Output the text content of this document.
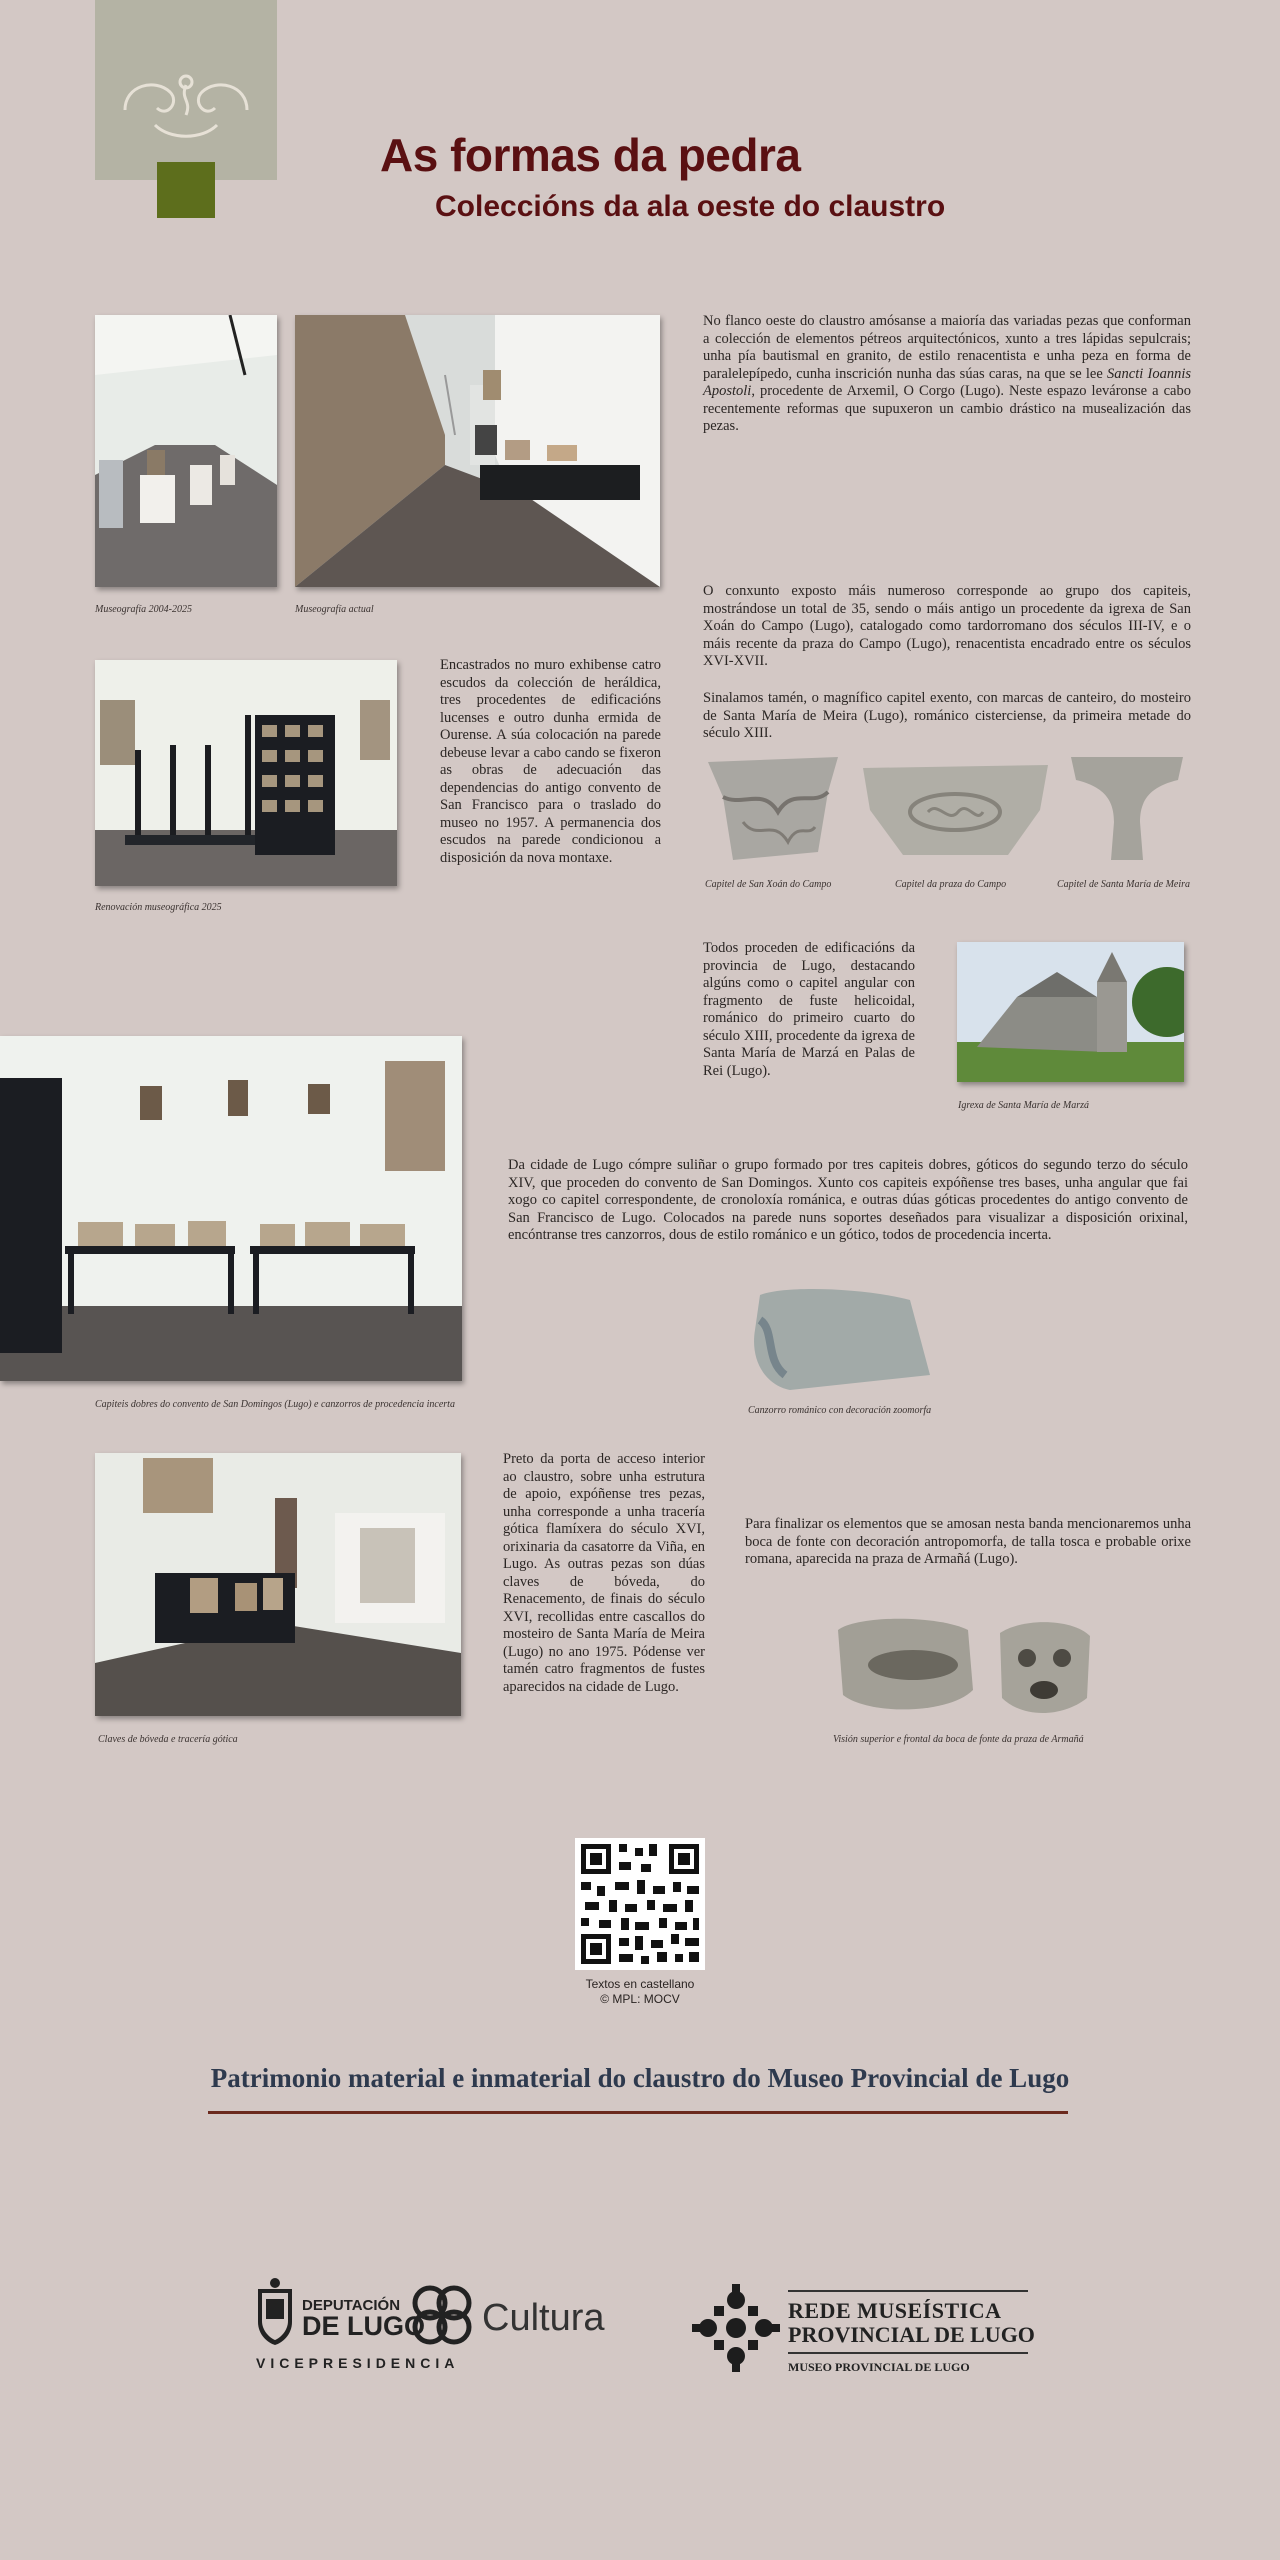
As formas da pedra
Coleccións da ala oeste do claustro
Museografía 2004-2025	Museografía actual
No flanco oeste do claustro amósanse a maioría das variadas pezas que conforman a colección de elementos pétreos arquitectónicos, xunto a tres lápidas sepulcrais; unha pía bautismal en granito, de estilo renacentista e unha peza en forma de paralelepípedo, cunha inscrición nunha das súas caras, na que se lee Sancti Ioannis Apostoli, procedente de Arxemil, O Corgo (Lugo). Neste espazo leváronse a cabo recentemente reformas que supuxeron un cambio drástico na musealización das pezas.
O conxunto exposto máis numeroso corresponde ao grupo dos capiteis, mostrándose un total de 35, sendo o máis antigo un procedente da igrexa de San Xoán do Campo (Lugo), catalogado como tardorromano dos séculos III-IV, e o máis recente da praza do Campo (Lugo), renacentista encadrado entre os séculos XVI-XVII.
Sinalamos tamén, o magnífico capitel exento, con marcas de canteiro, do mosteiro de Santa María de Meira (Lugo), románico cisterciense, da primeira metade do século XIII.
Renovación museográfica 2025
Encastrados no muro exhibense catro escudos da colección de heráldica, tres procedentes de edificacións lucenses e outro dunha ermida de Ourense. A súa colocación na parede debeuse levar a cabo cando se fixeron as obras de adecuación das dependencias do antigo convento de San Francisco para o traslado do museo no 1957. A permanencia dos escudos na parede condicionou a disposición da nova montaxe.
Capitel de San Xoán do Campo	Capitel da praza do Campo	Capitel de Santa María de Meira
Todos proceden de edificacións da provincia de Lugo, destacando algúns como o capitel angular con fragmento de fuste helicoidal, románico do primeiro cuarto do século XIII, procedente da igrexa de Santa María de Marzá en Palas de Rei (Lugo).
Igrexa de Santa María de Marzá
Capiteis dobres do convento de San Domingos (Lugo) e canzorros de procedencia incerta
Da cidade de Lugo cómpre suliñar o grupo formado por tres capiteis dobres, góticos do segundo terzo do século XIV, que proceden do convento de San Domingos. Xunto cos capiteis expóñense tres bases, unha angular que fai xogo co capitel correspondente, de cronoloxía románica, e outras dúas góticas procedentes do antigo convento de San Francisco de Lugo. Colocados na parede nuns soportes deseñados para visualizar a disposición orixinal, encóntranse tres canzorros, dous de estilo románico e un gótico, todos de procedencia incerta.
Canzorro románico con decoración zoomorfa
Claves de bóveda e tracería gótica
Preto da porta de acceso interior ao claustro, sobre unha estrutura de apoio, expóñense tres pezas, unha corresponde a unha tracería gótica flamíxera do século XVI, orixinaria da casatorre da Viña, en Lugo. As outras pezas son dúas claves de bóveda, do Renacemento, de finais do século XVI, recollidas entre cascallos do mosteiro de Santa María de Meira (Lugo) no ano 1975. Pódense ver tamén catro fragmentos de fustes aparecidos na cidade de Lugo.
Para finalizar os elementos que se amosan nesta banda mencionaremos unha boca de fonte con decoración antropomorfa, de talla tosca e probable orixe romana, aparecida na praza de Armañá (Lugo).
Visión superior e frontal da boca de fonte da praza de Armañá
Textos en castellano
© MPL: MOCV
Patrimonio material e inmaterial do claustro do Museo Provincial de Lugo
DEPUTACIÓN
DE LUGO Cultura
VICEPRESIDENCIA
REDE MUSEÍSTICA
PROVINCIAL DE LUGO
MUSEO PROVINCIAL DE LUGO
